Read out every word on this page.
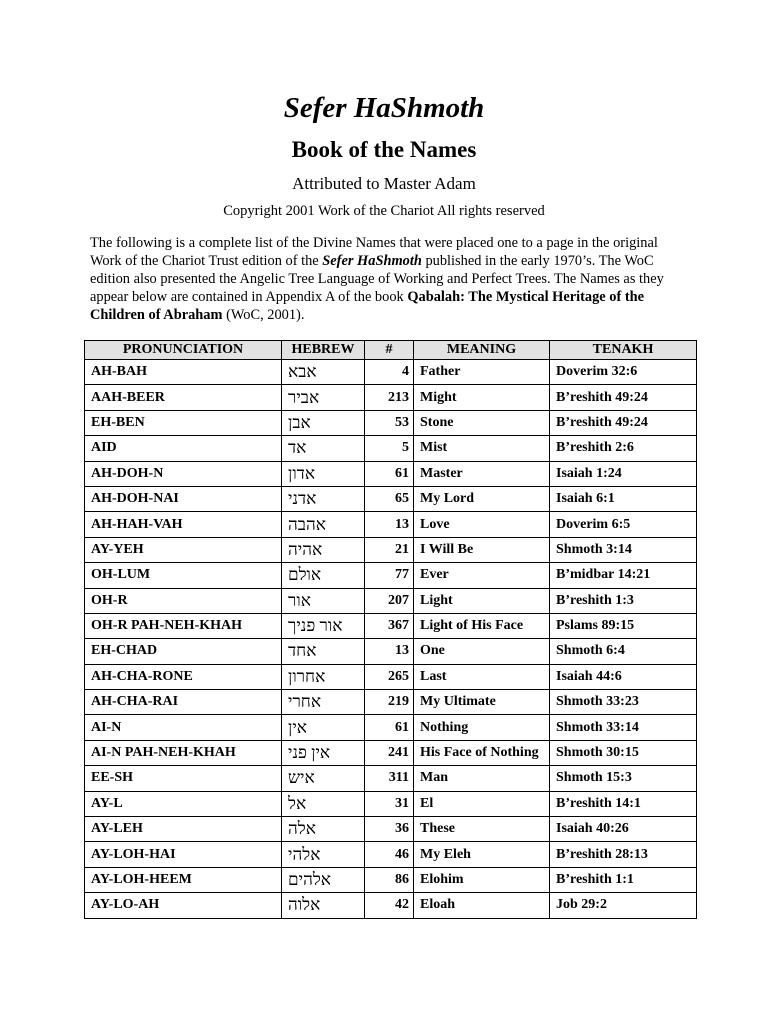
Sefer HaShmoth
Book of the Names
Attributed to Master Adam
Copyright 2001 Work of the Chariot All rights reserved

The following is a complete list of the Divine Names that were placed one to a page in the original Work of the Chariot Trust edition of the Sefer HaShmoth published in the early 1970’s. The WoC edition also presented the Angelic Tree Language of Working and Perfect Trees. The Names as they appear below are contained in Appendix A of the book Qabalah: The Mystical Heritage of the Children of Abraham (WoC, 2001).

PRONUNCIATION	HEBREW	#	MEANING	TENAKH
AH-BAH	אבא	4	Father	Doverim 32:6
AAH-BEER	אביר	213	Might	B’reshith 49:24
EH-BEN	אבן	53	Stone	B’reshith 49:24
AID	אד	5	Mist	B’reshith 2:6
AH-DOH-N	אדון	61	Master	Isaiah 1:24
AH-DOH-NAI	אדני	65	My Lord	Isaiah 6:1
AH-HAH-VAH	אהבה	13	Love	Doverim 6:5
AY-YEH	אהיה	21	I Will Be	Shmoth 3:14
OH-LUM	אולם	77	Ever	B’midbar 14:21
OH-R	אור	207	Light	B’reshith 1:3
OH-R PAH-NEH-KHAH	אור פניך	367	Light of His Face	Pslams 89:15
EH-CHAD	אחד	13	One	Shmoth 6:4
AH-CHA-RONE	אחרון	265	Last	Isaiah 44:6
AH-CHA-RAI	אחרי	219	My Ultimate	Shmoth 33:23
AI-N	אין	61	Nothing	Shmoth 33:14
AI-N PAH-NEH-KHAH	אין פני	241	His Face of Nothing	Shmoth 30:15
EE-SH	איש	311	Man	Shmoth 15:3
AY-L	אל	31	El	B’reshith 14:1
AY-LEH	אלה	36	These	Isaiah 40:26
AY-LOH-HAI	אלהי	46	My Eleh	B’reshith 28:13
AY-LOH-HEEM	אלהים	86	Elohim	B’reshith 1:1
AY-LO-AH	אלוה	42	Eloah	Job 29:2
